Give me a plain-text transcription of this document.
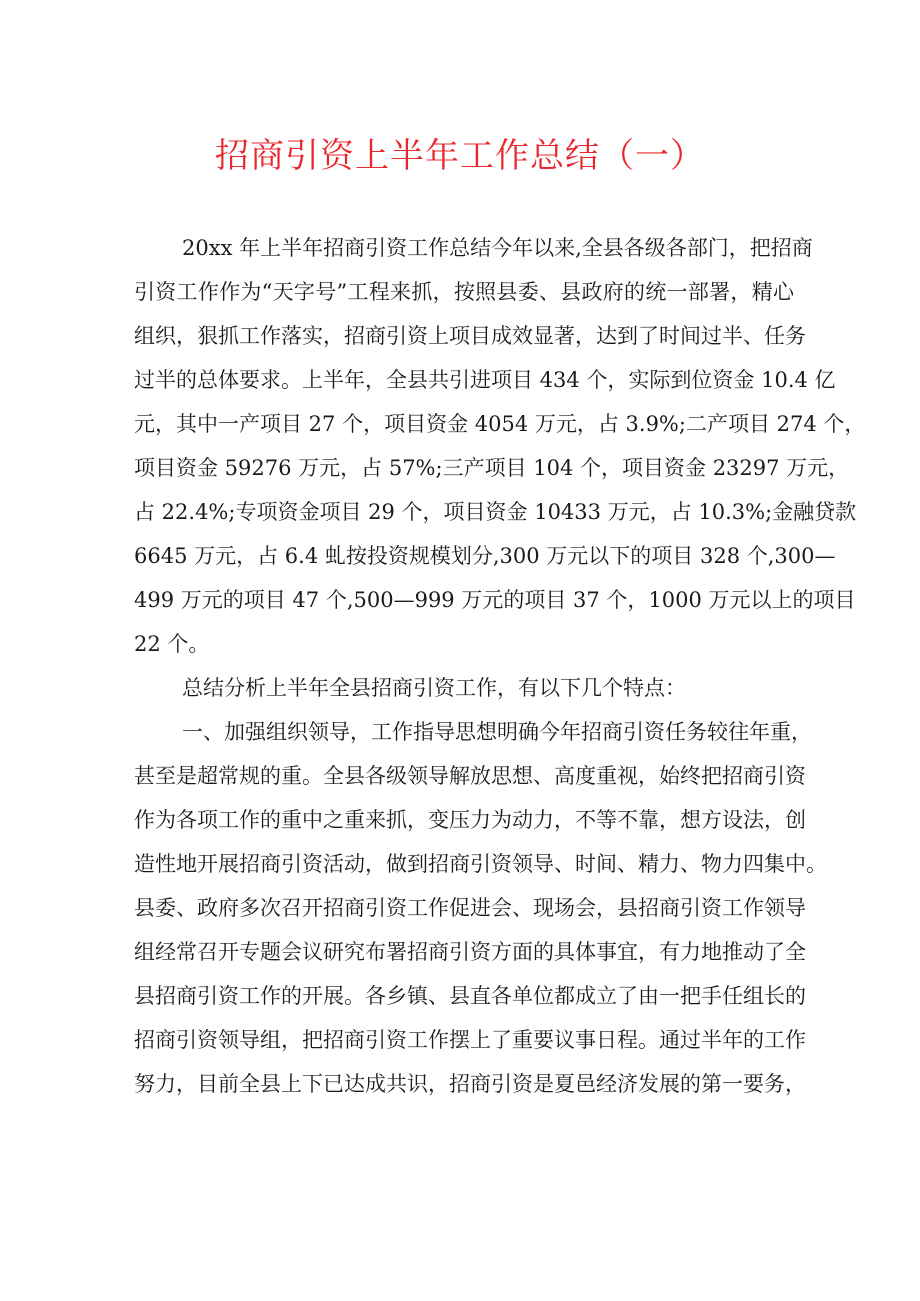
招商引资上半年工作总结（一）
20xx 年上半年招商引资工作总结今年以来,全县各级各部门，把招商
引资工作作为“天字号”工程来抓，按照县委、县政府的统一部署，精心
组织，狠抓工作落实，招商引资上项目成效显著，达到了时间过半、任务
过半的总体要求。上半年，全县共引进项目 434 个，实际到位资金 10.4 亿
元，其中一产项目 27 个，项目资金 4054 万元，占 3.9%;二产项目 274 个，
项目资金 59276 万元，占 57%;三产项目 104 个，项目资金 23297 万元，
占 22.4%;专项资金项目 29 个，项目资金 10433 万元，占 10.3%;金融贷款
6645 万元，占 6.4 虬按投资规模划分,300 万元以下的项目 328 个,300—
499 万元的项目 47 个,500—999 万元的项目 37 个，1000 万元以上的项目
22 个。
总结分析上半年全县招商引资工作，有以下几个特点：
一、加强组织领导，工作指导思想明确今年招商引资任务较往年重，
甚至是超常规的重。全县各级领导解放思想、高度重视，始终把招商引资
作为各项工作的重中之重来抓，变压力为动力，不等不靠，想方设法，创
造性地开展招商引资活动，做到招商引资领导、时间、精力、物力四集中。
县委、政府多次召开招商引资工作促进会、现场会，县招商引资工作领导
组经常召开专题会议研究布署招商引资方面的具体事宜，有力地推动了全
县招商引资工作的开展。各乡镇、县直各单位都成立了由一把手任组长的
招商引资领导组，把招商引资工作摆上了重要议事日程。通过半年的工作
努力，目前全县上下已达成共识，招商引资是夏邑经济发展的第一要务，
